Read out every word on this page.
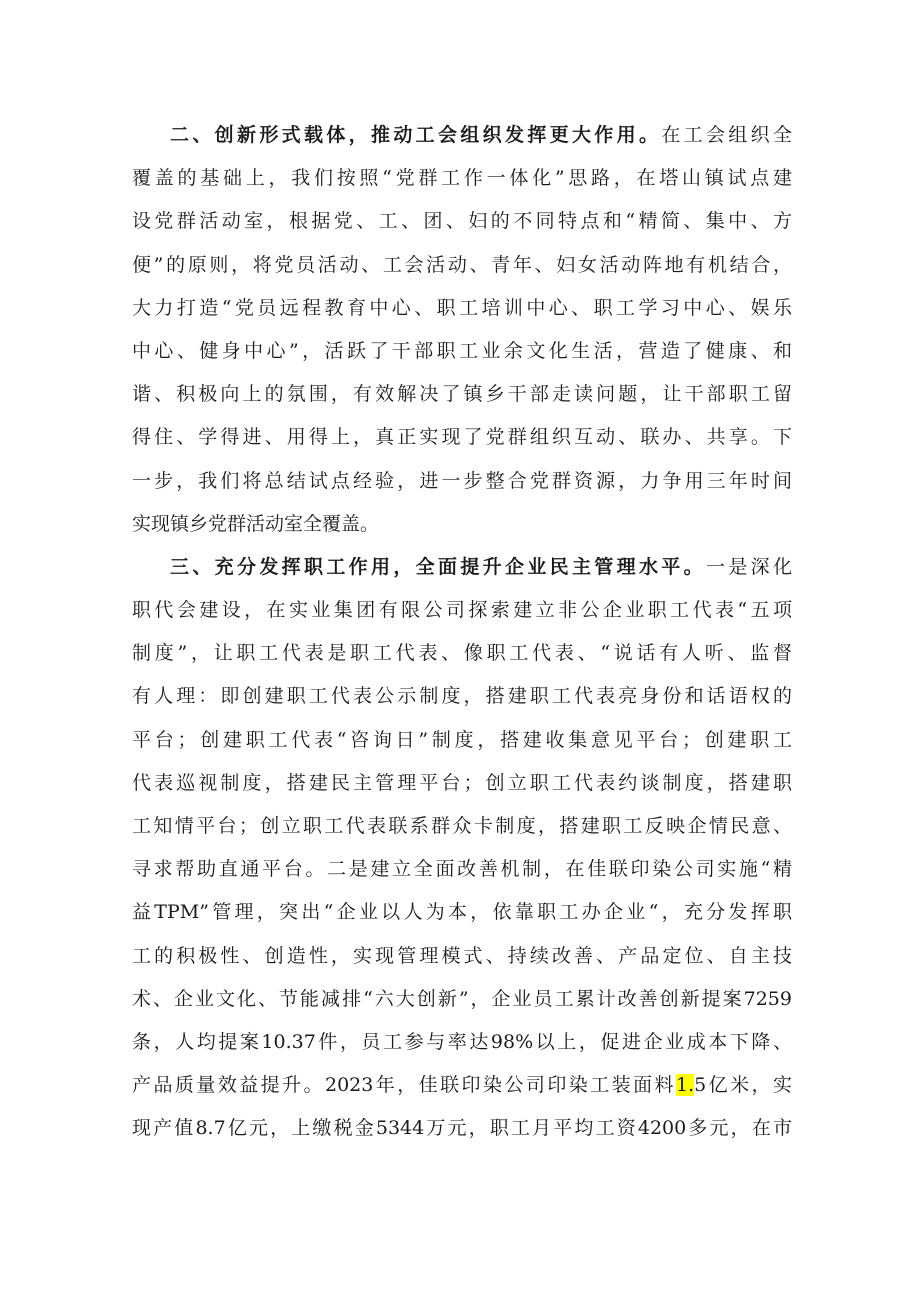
二、创新形式载体，推动工会组织发挥更大作用。在工会组织全
覆盖的基础上，我们按照“党群工作一体化”思路，在塔山镇试点建
设党群活动室，根据党、工、团、妇的不同特点和“精简、集中、方
便”的原则，将党员活动、工会活动、青年、妇女活动阵地有机结合，
大力打造“党员远程教育中心、职工培训中心、职工学习中心、娱乐
中心、健身中心”，活跃了干部职工业余文化生活，营造了健康、和
谐、积极向上的氛围，有效解决了镇乡干部走读问题，让干部职工留
得住、学得进、用得上，真正实现了党群组织互动、联办、共享。下
一步，我们将总结试点经验，进一步整合党群资源，力争用三年时间
实现镇乡党群活动室全覆盖。
三、充分发挥职工作用，全面提升企业民主管理水平。一是深化
职代会建设，在实业集团有限公司探索建立非公企业职工代表“五项
制度”，让职工代表是职工代表、像职工代表、“说话有人听、监督
有人理：即创建职工代表公示制度，搭建职工代表亮身份和话语权的
平台；创建职工代表“咨询日”制度，搭建收集意见平台；创建职工
代表巡视制度，搭建民主管理平台；创立职工代表约谈制度，搭建职
工知情平台；创立职工代表联系群众卡制度，搭建职工反映企情民意、
寻求帮助直通平台。二是建立全面改善机制，在佳联印染公司实施“精
益TPM”管理，突出“企业以人为本，依靠职工办企业“，充分发挥职
工的积极性、创造性，实现管理模式、持续改善、产品定位、自主技
术、企业文化、节能减排“六大创新”，企业员工累计改善创新提案7259
条，人均提案10.37件，员工参与率达98%以上，促进企业成本下降、
产品质量效益提升。2023年，佳联印染公司印染工装面料1.5亿米，实
现产值8.7亿元，上缴税金5344万元，职工月平均工资4200多元，在市
